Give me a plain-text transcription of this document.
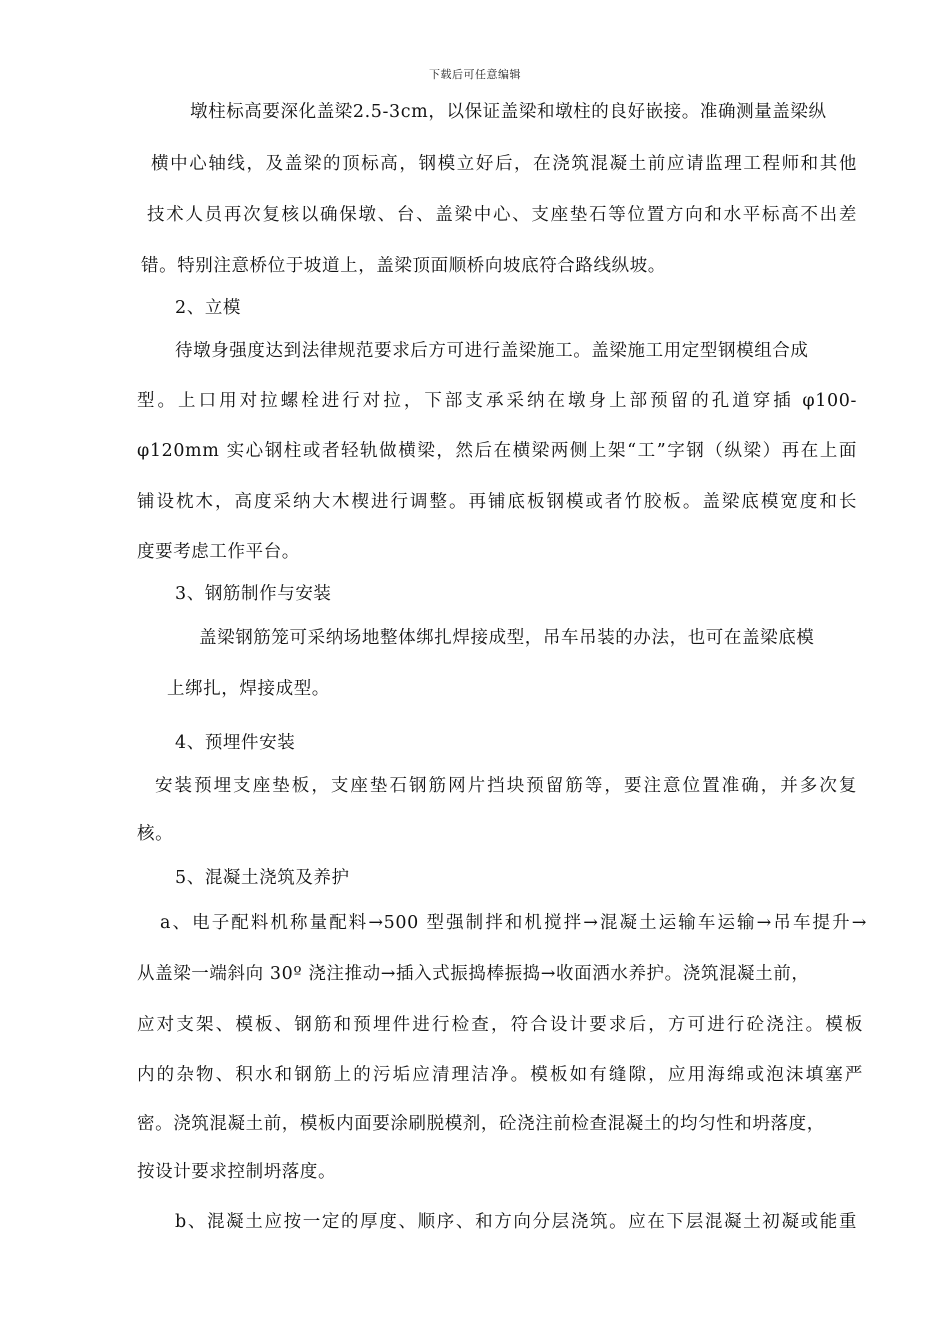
下载后可任意编辑
墩柱标高要深化盖梁2.5-3cm，以保证盖梁和墩柱的良好嵌接。准确测量盖梁纵
横中心轴线，及盖梁的顶标高，钢模立好后，在浇筑混凝土前应请监理工程师和其他
技术人员再次复核以确保墩、台、盖梁中心、支座垫石等位置方向和水平标高不出差
错。特别注意桥位于坡道上，盖梁顶面顺桥向坡底符合路线纵坡。
2、立模
待墩身强度达到法律规范要求后方可进行盖梁施工。盖梁施工用定型钢模组合成
型。上口用对拉螺栓进行对拉，下部支承采纳在墩身上部预留的孔道穿插 φ100-
φ120mm 实心钢柱或者轻轨做横梁，然后在横梁两侧上架“工”字钢（纵梁）再在上面
铺设枕木，高度采纳大木楔进行调整。再铺底板钢模或者竹胶板。盖梁底模宽度和长
度要考虑工作平台。
3、钢筋制作与安装
盖梁钢筋笼可采纳场地整体绑扎焊接成型，吊车吊装的办法，也可在盖梁底模
上绑扎，焊接成型。
4、预埋件安装
安装预埋支座垫板，支座垫石钢筋网片挡块预留筋等，要注意位置准确，并多次复
核。
5、混凝土浇筑及养护
a、电子配料机称量配料→500 型强制拌和机搅拌→混凝土运输车运输→吊车提升→
从盖梁一端斜向 30º 浇注推动→插入式振捣棒振捣→收面洒水养护。浇筑混凝土前，
应对支架、模板、钢筋和预埋件进行检查，符合设计要求后，方可进行砼浇注。模板
内的杂物、积水和钢筋上的污垢应清理洁净。模板如有缝隙，应用海绵或泡沫填塞严
密。浇筑混凝土前，模板内面要涂刷脱模剂，砼浇注前检查混凝土的均匀性和坍落度，
按设计要求控制坍落度。
b、混凝土应按一定的厚度、顺序、和方向分层浇筑。应在下层混凝土初凝或能重
